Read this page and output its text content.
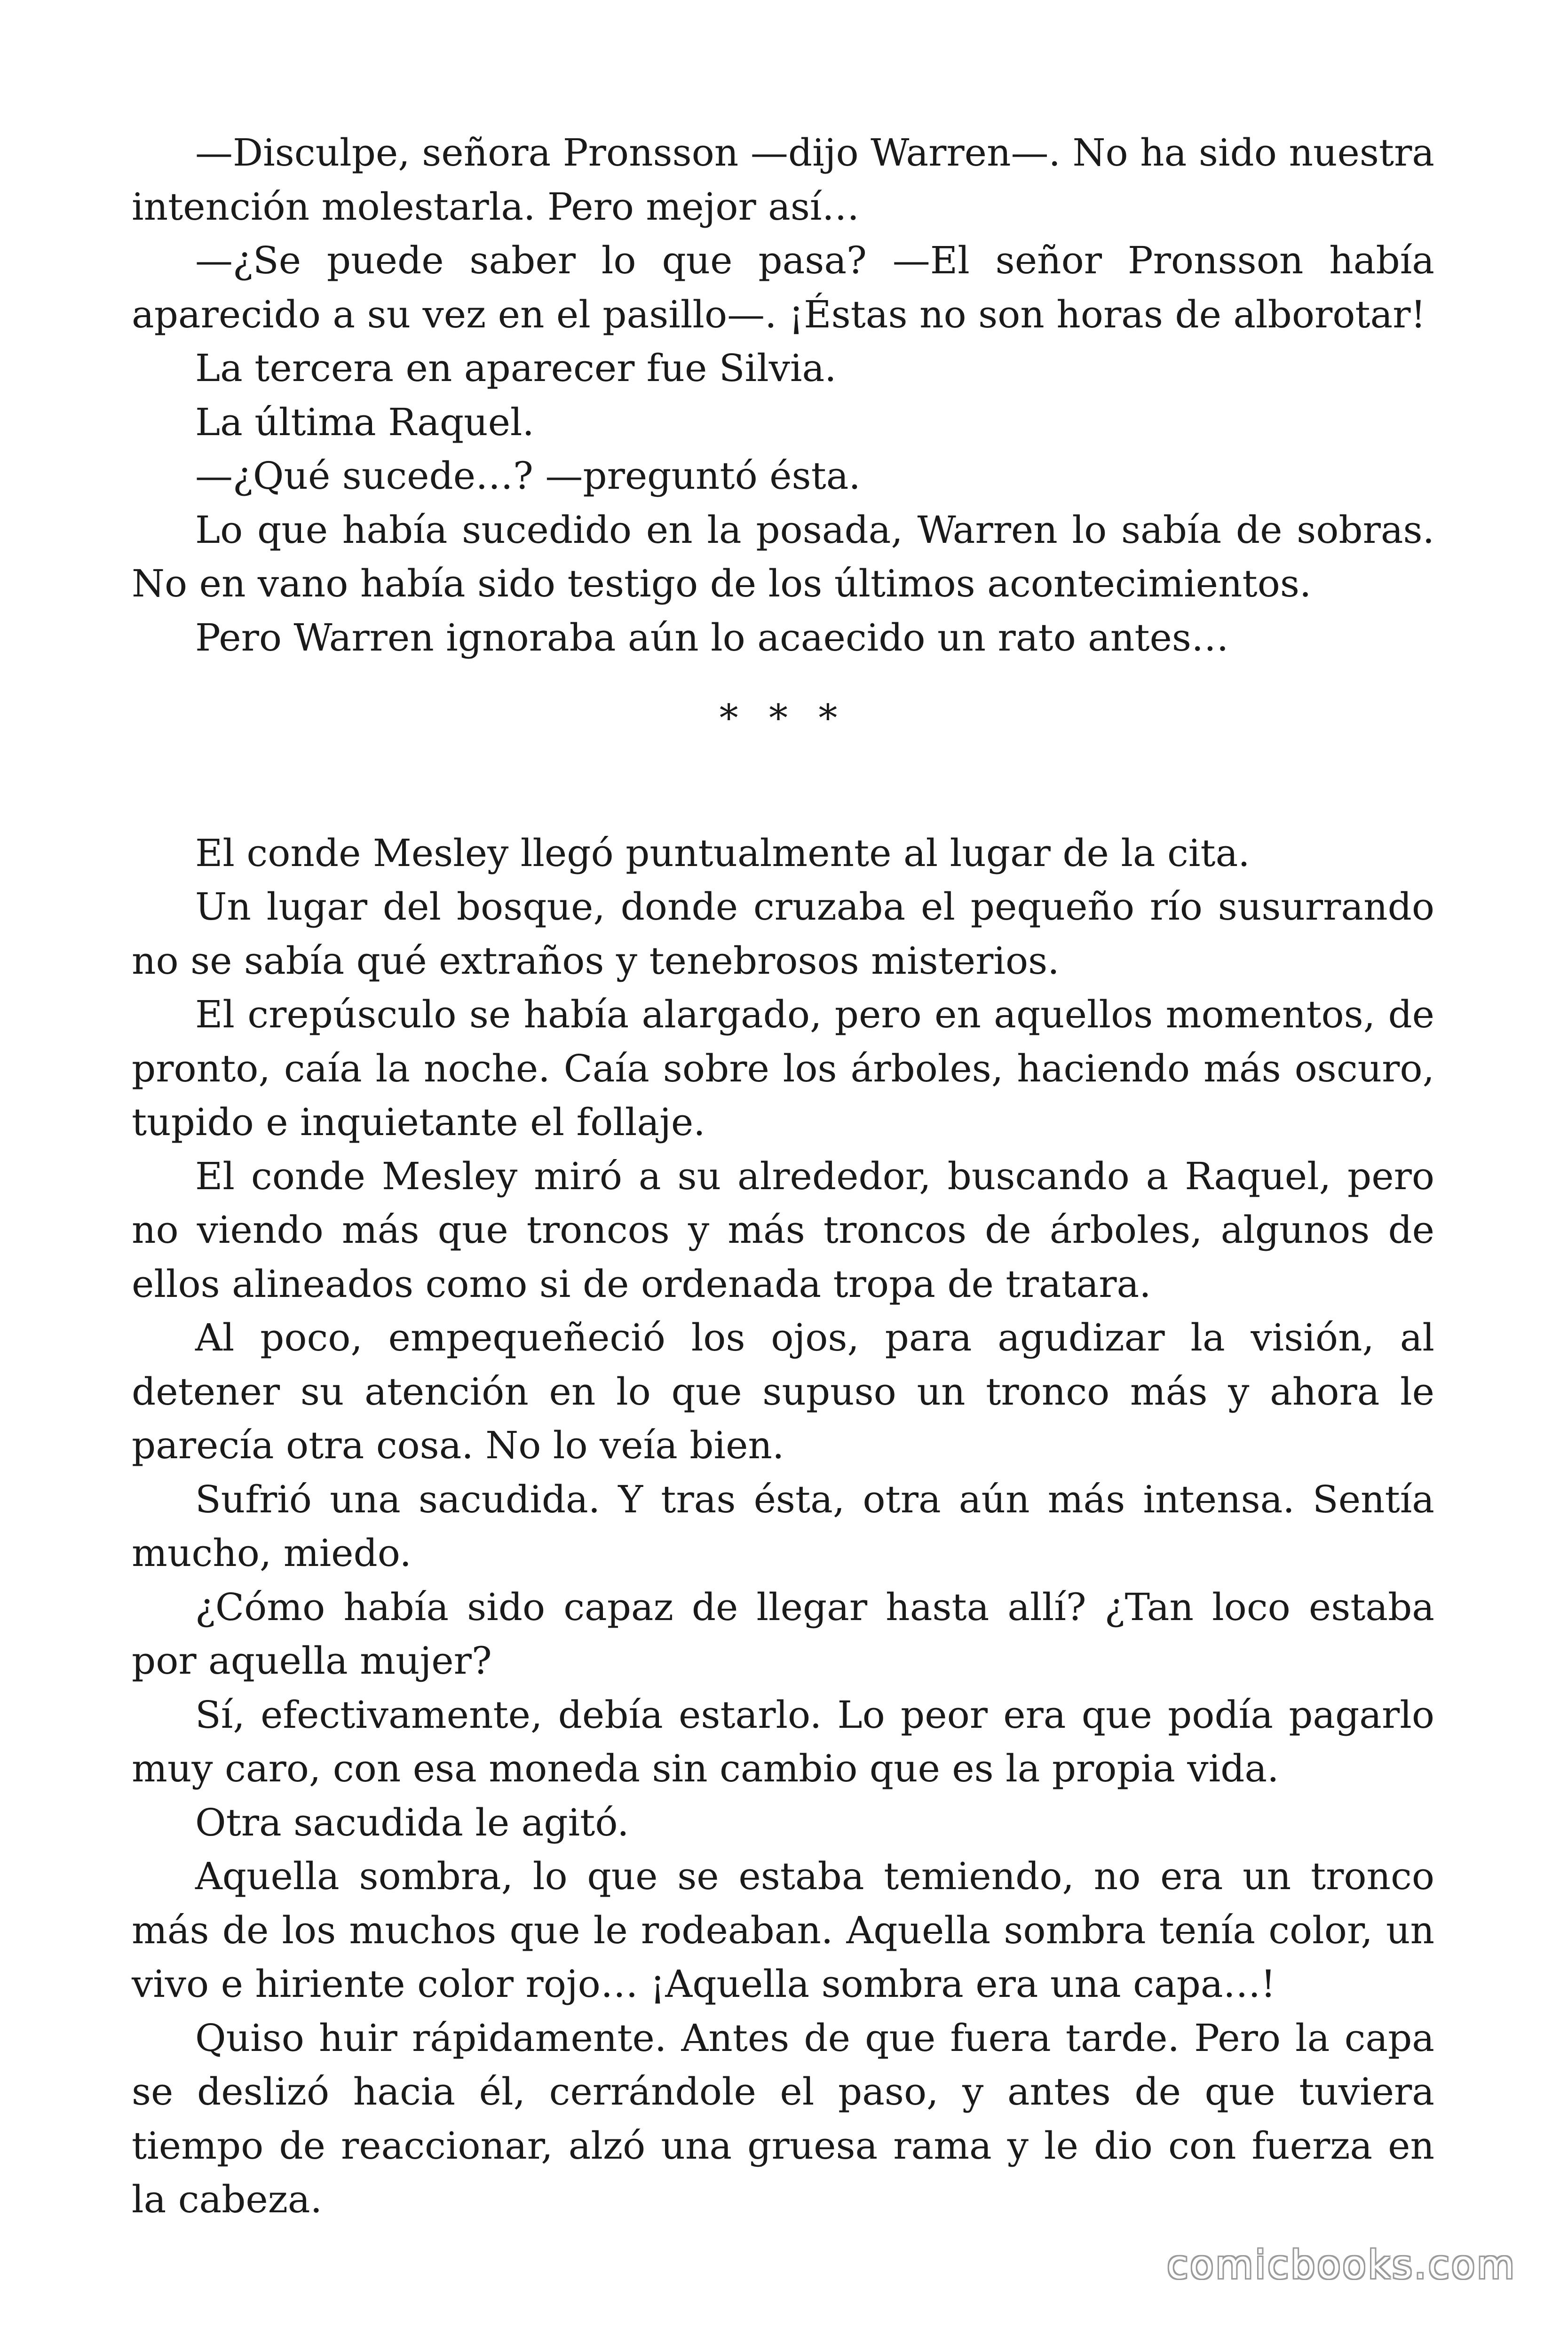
—Disculpe, señora Pronsson —dijo Warren—. No ha sido nuestra intención molestarla. Pero mejor así…

—¿Se puede saber lo que pasa? —El señor Pronsson había aparecido a su vez en el pasillo—. ¡Éstas no son horas de alborotar!

La tercera en aparecer fue Silvia.

La última Raquel.

—¿Qué sucede…? —preguntó ésta.

Lo que había sucedido en la posada, Warren lo sabía de sobras. No en vano había sido testigo de los últimos acontecimientos.

Pero Warren ignoraba aún lo acaecido un rato antes…

* * *

El conde Mesley llegó puntualmente al lugar de la cita.

Un lugar del bosque, donde cruzaba el pequeño río susurrando no se sabía qué extraños y tenebrosos misterios.

El crepúsculo se había alargado, pero en aquellos momentos, de pronto, caía la noche. Caía sobre los árboles, haciendo más oscuro, tupido e inquietante el follaje.

El conde Mesley miró a su alrededor, buscando a Raquel, pero no viendo más que troncos y más troncos de árboles, algunos de ellos alineados como si de ordenada tropa de tratara.

Al poco, empequeñeció los ojos, para agudizar la visión, al detener su atención en lo que supuso un tronco más y ahora le parecía otra cosa. No lo veía bien.

Sufrió una sacudida. Y tras ésta, otra aún más intensa. Sentía mucho, miedo.

¿Cómo había sido capaz de llegar hasta allí? ¿Tan loco estaba por aquella mujer?

Sí, efectivamente, debía estarlo. Lo peor era que podía pagarlo muy caro, con esa moneda sin cambio que es la propia vida.

Otra sacudida le agitó.

Aquella sombra, lo que se estaba temiendo, no era un tronco más de los muchos que le rodeaban. Aquella sombra tenía color, un vivo e hiriente color rojo… ¡Aquella sombra era una capa…!

Quiso huir rápidamente. Antes de que fuera tarde. Pero la capa se deslizó hacia él, cerrándole el paso, y antes de que tuviera tiempo de reaccionar, alzó una gruesa rama y le dio con fuerza en la cabeza.

comicbooks.com
